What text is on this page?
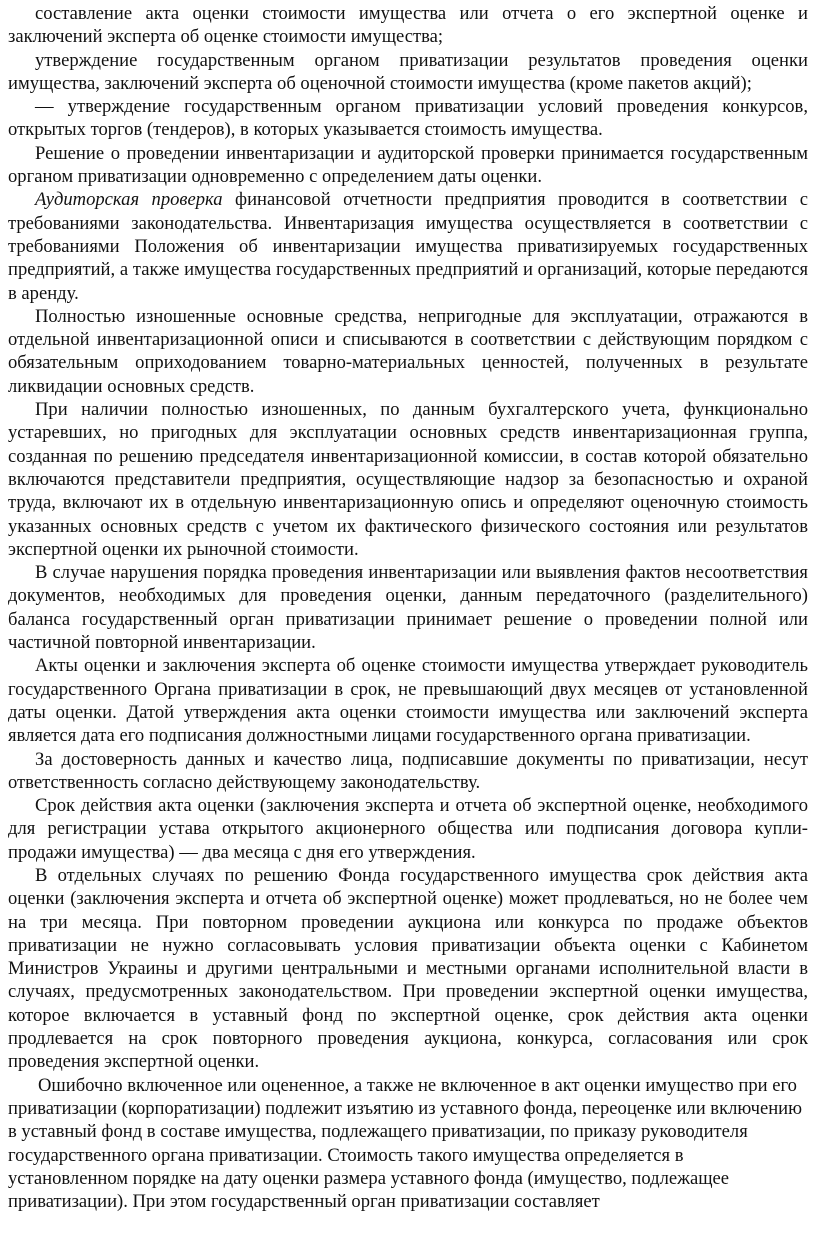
составление акта оценки стоимости имущества или отчета о его экспертной оценке и заключений эксперта об оценке стоимости имущества;

утверждение государственным органом приватизации результатов проведения оценки имущества, заключений эксперта об оценочной стоимости имущества (кроме пакетов акций);

— утверждение государственным органом приватизации условий проведения конкурсов, открытых торгов (тендеров), в которых указывается стоимость имущества.

Решение о проведении инвентаризации и аудиторской проверки принимается государственным органом приватизации одновременно с определением даты оценки.

Аудиторская проверка финансовой отчетности предприятия проводится в соответствии с требованиями законодательства. Инвентаризация имущества осуществляется в соответствии с требованиями Положения об инвентаризации имущества приватизируемых государственных предприятий, а также имущества государственных предприятий и организаций, которые передаются в аренду.

Полностью изношенные основные средства, непригодные для эксплуатации, отражаются в отдельной инвентаризационной описи и списываются в соответствии с действующим порядком с обязательным оприходованием товарно-материальных ценностей, полученных в результате ликвидации основных средств.

При наличии полностью изношенных, по данным бухгалтерского учета, функционально устаревших, но пригодных для эксплуатации основных средств инвентаризационная группа, созданная по решению председателя инвентаризационной комиссии, в состав которой обязательно включаются представители предприятия, осуществляющие надзор за безопасностью и охраной труда, включают их в отдельную инвентаризационную опись и определяют оценочную стоимость указанных основных средств с учетом их фактического физического состояния или результатов экспертной оценки их рыночной стоимости.

В случае нарушения порядка проведения инвентаризации или выявления фактов несоответствия документов, необходимых для проведения оценки, данным передаточного (разделительного) баланса государственный орган приватизации принимает решение о проведении полной или частичной повторной инвентаризации.

Акты оценки и заключения эксперта об оценке стоимости имущества утверждает руководитель государственного Органа приватизации в срок, не превышающий двух месяцев от установленной даты оценки. Датой утверждения акта оценки стоимости имущества или заключений эксперта является дата его подписания должностными лицами государственного органа приватизации.

За достоверность данных и качество лица, подписавшие документы по приватизации, несут ответственность согласно действующему законодательству.

Срок действия акта оценки (заключения эксперта и отчета об экспертной оценке, необходимого для регистрации устава открытого акционерного общества или подписания договора купли-продажи имущества) — два месяца с дня его утверждения.

В отдельных случаях по решению Фонда государственного имущества срок действия акта оценки (заключения эксперта и отчета об экспертной оценке) может продлеваться, но не более чем на три месяца. При повторном проведении аукциона или конкурса по продаже объектов приватизации не нужно согласовывать условия приватизации объекта оценки с Кабинетом Министров Украины и другими центральными и местными органами исполнительной власти в случаях, предусмотренных законодательством. При проведении экспертной оценки имущества, которое включается в уставный фонд по экспертной оценке, срок действия акта оценки продлевается на срок повторного проведения аукциона, конкурса, согласования или срок проведения экспертной оценки.

Ошибочно включенное или оцененное, а также не включенное в акт оценки имущество при его приватизации (корпоратизации) подлежит изъятию из уставного фонда, переоценке или включению в уставный фонд в составе имущества, подлежащего приватизации, по приказу руководителя государственного органа приватизации. Стоимость такого имущества определяется в установленном порядке на дату оценки размера уставного фонда (имущество, подлежащее приватизации). При этом государственный орган приватизации составляет
